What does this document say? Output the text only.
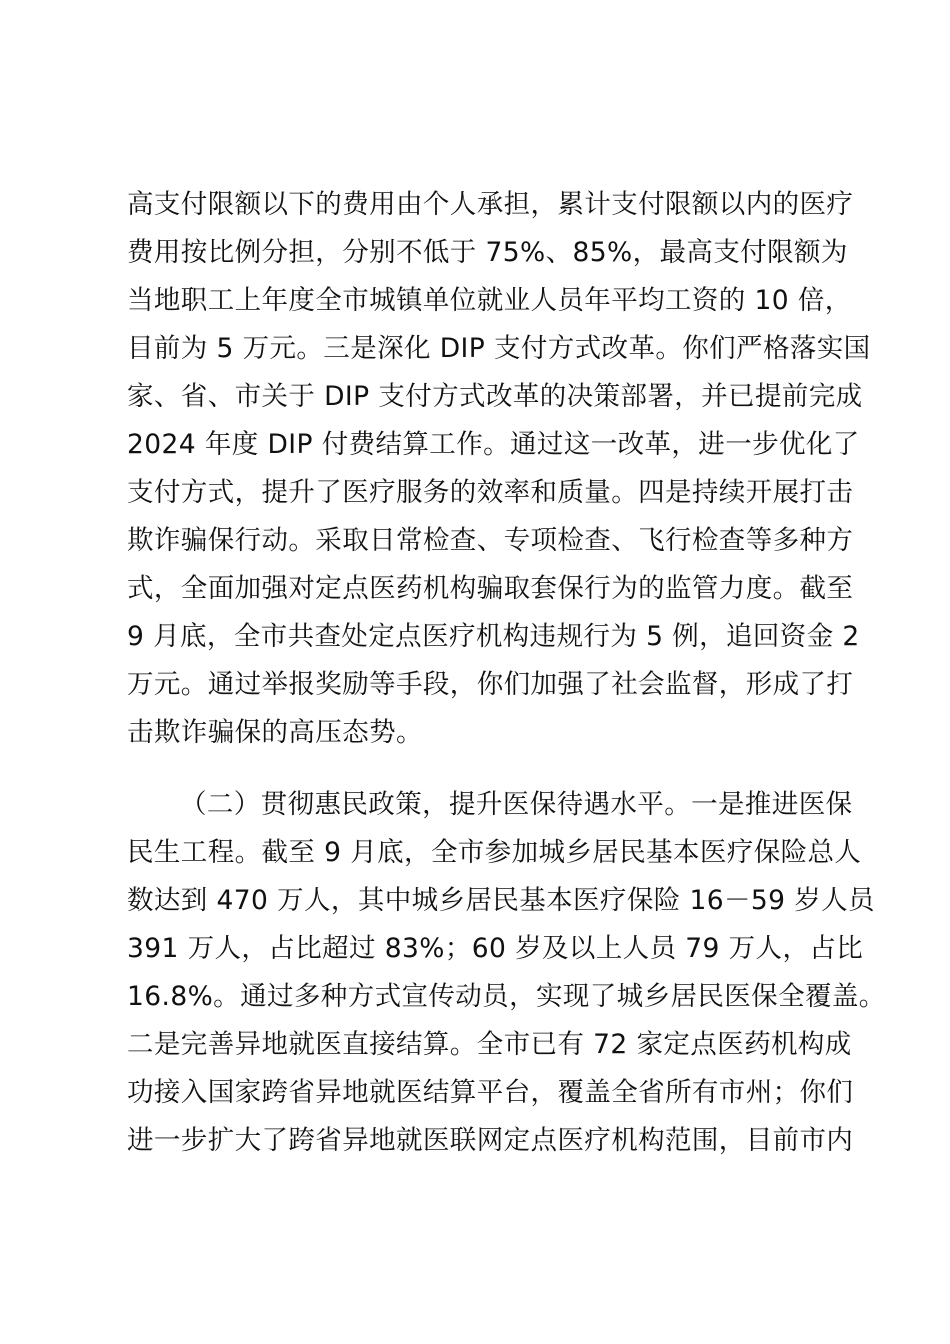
高支付限额以下的费用由个人承担，累计支付限额以内的医疗
费用按比例分担，分别不低于 75%、85%，最高支付限额为
当地职工上年度全市城镇单位就业人员年平均工资的 10 倍，
目前为 5 万元。三是深化 DIP 支付方式改革。你们严格落实国
家、省、市关于 DIP 支付方式改革的决策部署，并已提前完成
2024 年度 DIP 付费结算工作。通过这一改革，进一步优化了
支付方式，提升了医疗服务的效率和质量。四是持续开展打击
欺诈骗保行动。采取日常检查、专项检查、飞行检查等多种方
式，全面加强对定点医药机构骗取套保行为的监管力度。截至
9 月底，全市共查处定点医疗机构违规行为 5 例，追回资金 2
万元。通过举报奖励等手段，你们加强了社会监督，形成了打
击欺诈骗保的高压态势。
（二）贯彻惠民政策，提升医保待遇水平。一是推进医保
民生工程。截至 9 月底，全市参加城乡居民基本医疗保险总人
数达到 470 万人，其中城乡居民基本医疗保险 16－59 岁人员
391 万人，占比超过 83%；60 岁及以上人员 79 万人，占比
16.8%。通过多种方式宣传动员，实现了城乡居民医保全覆盖。
二是完善异地就医直接结算。全市已有 72 家定点医药机构成
功接入国家跨省异地就医结算平台，覆盖全省所有市州；你们
进一步扩大了跨省异地就医联网定点医疗机构范围，目前市内
